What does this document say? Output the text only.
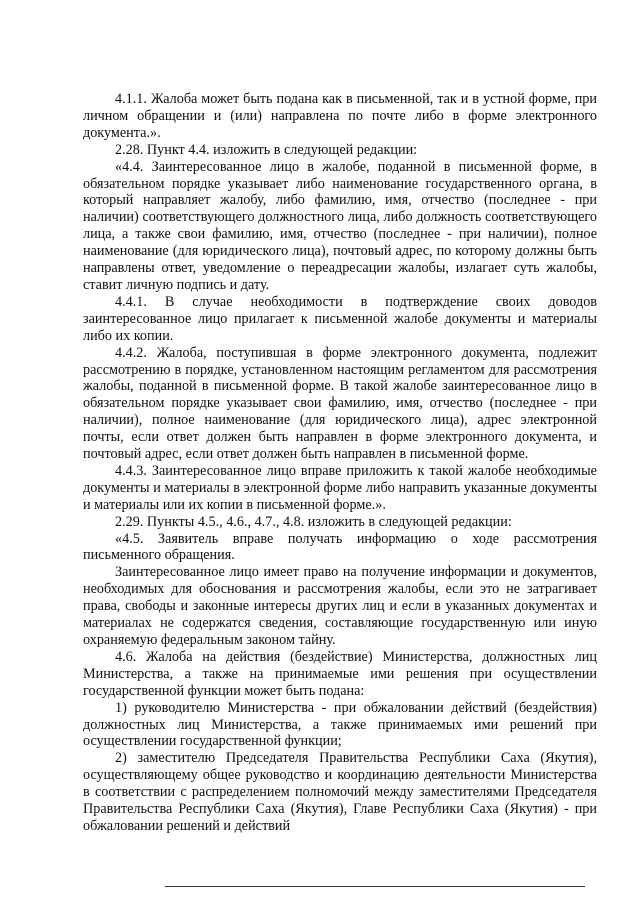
4.1.1. Жалоба может быть подана как в письменной, так и в устной форме, при личном обращении и (или) направлена по почте либо в форме электронного документа.».

2.28. Пункт 4.4. изложить в следующей редакции:

«4.4. Заинтересованное лицо в жалобе, поданной в письменной форме, в обязательном порядке указывает либо наименование государственного органа, в который направляет жалобу, либо фамилию, имя, отчество (последнее - при наличии) соответствующего должностного лица, либо должность соответствующего лица, а также свои фамилию, имя, отчество (последнее - при наличии), полное наименование (для юридического лица), почтовый адрес, по которому должны быть направлены ответ, уведомление о переадресации жалобы, излагает суть жалобы, ставит личную подпись и дату.

4.4.1. В случае необходимости в подтверждение своих доводов заинтересованное лицо прилагает к письменной жалобе документы и материалы либо их копии.

4.4.2. Жалоба, поступившая в форме электронного документа, подлежит рассмотрению в порядке, установленном настоящим регламентом для рассмотрения жалобы, поданной в письменной форме. В такой жалобе заинтересованное лицо в обязательном порядке указывает свои фамилию, имя, отчество (последнее - при наличии), полное наименование (для юридического лица), адрес электронной почты, если ответ должен быть направлен в форме электронного документа, и почтовый адрес, если ответ должен быть направлен в письменной форме.

4.4.3. Заинтересованное лицо вправе приложить к такой жалобе необходимые документы и материалы в электронной форме либо направить указанные документы и материалы или их копии в письменной форме.».

2.29. Пункты 4.5., 4.6., 4.7., 4.8. изложить в следующей редакции:

«4.5. Заявитель вправе получать информацию о ходе рассмотрения письменного обращения.

Заинтересованное лицо имеет право на получение информации и документов, необходимых для обоснования и рассмотрения жалобы, если это не затрагивает права, свободы и законные интересы других лиц и если в указанных документах и материалах не содержатся сведения, составляющие государственную или иную охраняемую федеральным законом тайну.

4.6. Жалоба на действия (бездействие) Министерства, должностных лиц Министерства, а также на принимаемые ими решения при осуществлении государственной функции может быть подана:

1) руководителю Министерства - при обжаловании действий (бездействия) должностных лиц Министерства, а также принимаемых ими решений при осуществлении государственной функции;

2) заместителю Председателя Правительства Республики Саха (Якутия), осуществляющему общее руководство и координацию деятельности Министерства в соответствии с распределением полномочий между заместителями Председателя Правительства Республики Саха (Якутия), Главе Республики Саха (Якутия) - при обжаловании решений и действий
